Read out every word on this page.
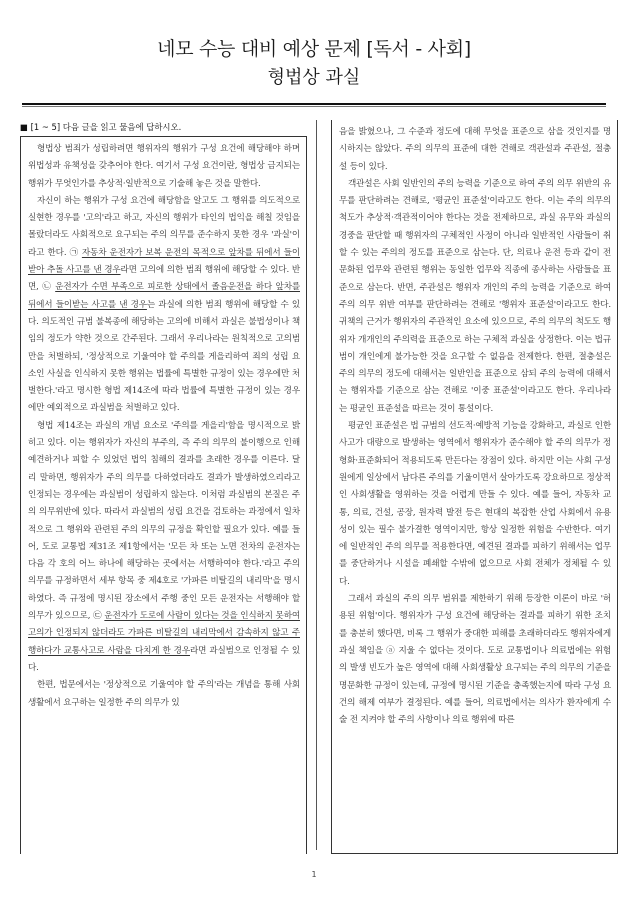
네모 수능 대비 예상 문제 [독서 - 사회]
형법상 과실
■ [1 ~ 5] 다음 글을 읽고 물음에 답하시오.

형법상 범죄가 성립하려면 행위자의 행위가 구성 요건에 해당해야 하며 위법성과 유책성을 갖추어야 한다. 여기서 구성 요건이란, 형법상 금지되는 행위가 무엇인가를 추상적·일반적으로 기술해 놓은 것을 말한다.

자신이 하는 행위가 구성 요건에 해당함을 알고도 그 행위를 의도적으로 실현한 경우를 '고의'라고 하고, 자신의 행위가 타인의 법익을 해칠 것임을 몰랐더라도 사회적으로 요구되는 주의 의무를 준수하지 못한 경우 '과실'이라고 한다. ㉠ 자동차 운전자가 보복 운전의 목적으로 앞차를 뒤에서 들이받아 추돌 사고를 낸 경우라면 고의에 의한 범죄 행위에 해당할 수 있다. 반면, ㉡ 운전자가 수면 부족으로 피로한 상태에서 졸음운전을 하다 앞차를 뒤에서 들이받는 사고를 낸 경우는 과실에 의한 범죄 행위에 해당할 수 있다. 의도적인 규범 불복종에 해당하는 고의에 비해서 과실은 불법성이나 책임의 정도가 약한 것으로 간주된다. 그래서 우리나라는 원칙적으로 고의범만을 처벌하되, '정상적으로 기울여야 할 주의를 게을리하여 죄의 성립 요소인 사실을 인식하지 못한 행위는 법률에 특별한 규정이 있는 경우에만 처벌한다.'라고 명시한 형법 제14조에 따라 법률에 특별한 규정이 있는 경우에만 예외적으로 과실범을 처벌하고 있다.

형법 제14조는 과실의 개념 요소로 '주의를 게을리'함을 명시적으로 밝히고 있다. 이는 행위자가 자신의 부주의, 즉 주의 의무의 불이행으로 인해 예견하거나 피할 수 있었던 법익 침해의 결과를 초래한 경우를 이른다. 달리 말하면, 행위자가 주의 의무를 다하였더라도 결과가 발생하였으리라고 인정되는 경우에는 과실범이 성립하지 않는다. 이처럼 과실범의 본질은 주의 의무위반에 있다. 따라서 과실범의 성립 요건을 검토하는 과정에서 일차적으로 그 행위와 관련된 주의 의무의 규정을 확인할 필요가 있다. 예를 들어, 도로 교통법 제31조 제1항에서는 '모든 차 또는 노면 전차의 운전자는 다음 각 호의 어느 하나에 해당하는 곳에서는 서행하여야 한다.'라고 주의 의무를 규정하면서 세부 항목 중 제4호로 '가파른 비탈길의 내리막'을 명시하였다. 즉 규정에 명시된 장소에서 주행 중인 모든 운전자는 서행해야 할 의무가 있으므로, ㉢ 운전자가 도로에 사람이 있다는 것을 인식하지 못하여 고의가 인정되지 않더라도 가파른 비탈길의 내리막에서 감속하지 않고 주행하다가 교통사고로 사람을 다치게 한 경우라면 과실범으로 인정될 수 있다.

한편, 법문에서는 '정상적으로 기울여야 할 주의'라는 개념을 통해 사회생활에서 요구하는 일정한 주의 의무가 있

음을 밝혔으나, 그 수준과 정도에 대해 무엇을 표준으로 삼을 것인지를 명시하지는 않았다. 주의 의무의 표준에 대한 견해로 객관설과 주관설, 절충설 등이 있다.

객관설은 사회 일반인의 주의 능력을 기준으로 하여 주의 의무 위반의 유무를 판단하려는 견해로, '평균인 표준설'이라고도 한다. 이는 주의 의무의 척도가 추상적·객관적이어야 한다는 것을 전제하므로, 과실 유무와 과실의 경중을 판단할 때 행위자의 구체적인 사정이 아니라 일반적인 사람들이 취할 수 있는 주의의 정도를 표준으로 삼는다. 단, 의료나 운전 등과 같이 전문화된 업무와 관련된 행위는 동일한 업무와 직종에 종사하는 사람들을 표준으로 삼는다. 반면, 주관설은 행위자 개인의 주의 능력을 기준으로 하여 주의 의무 위반 여부를 판단하려는 견해로 '행위자 표준설'이라고도 한다. 귀책의 근거가 행위자의 주관적인 요소에 있으므로, 주의 의무의 척도도 행위자 개개인의 주의력을 표준으로 하는 구체적 과실을 상정한다. 이는 법규범이 개인에게 불가능한 것을 요구할 수 없음을 전제한다. 한편, 절충설은 주의 의무의 정도에 대해서는 일반인을 표준으로 삼되 주의 능력에 대해서는 행위자를 기준으로 삼는 견해로 '이중 표준설'이라고도 한다. 우리나라는 평균인 표준설을 따르는 것이 통설이다.

평균인 표준설은 법 규범의 선도적·예방적 기능을 강화하고, 과실로 인한 사고가 대량으로 발생하는 영역에서 행위자가 준수해야 할 주의 의무가 정형화·표준화되어 적용되도록 만든다는 장점이 있다. 하지만 이는 사회 구성원에게 일상에서 남다른 주의를 기울이면서 살아가도록 강요하므로 정상적인 사회생활을 영위하는 것을 어렵게 만들 수 있다. 예를 들어, 자동차 교통, 의료, 건설, 공장, 원자력 발전 등은 현대의 복잡한 산업 사회에서 유용성이 있는 필수 불가결한 영역이지만, 항상 일정한 위험을 수반한다. 여기에 일반적인 주의 의무를 적용한다면, 예견된 결과를 피하기 위해서는 업무를 중단하거나 시설을 폐쇄할 수밖에 없으므로 사회 전체가 정체될 수 있다.

그래서 과실의 주의 의무 범위를 제한하기 위해 등장한 이론이 바로 '허용된 위험'이다. 행위자가 구성 요건에 해당하는 결과를 피하기 위한 조치를 충분히 했다면, 비록 그 행위가 중대한 피해를 초래하더라도 행위자에게 과실 책임을 ⓐ 지울 수 없다는 것이다. 도로 교통법이나 의료법에는 위험의 발생 빈도가 높은 영역에 대해 사회생활상 요구되는 주의 의무의 기준을 명문화한 규정이 있는데, 규정에 명시된 기준을 충족했는지에 따라 구성 요건의 해제 여부가 결정된다. 예를 들어, 의료법에서는 의사가 환자에게 수술 전 지켜야 할 주의 사항이나 의료 행위에 따른

1
